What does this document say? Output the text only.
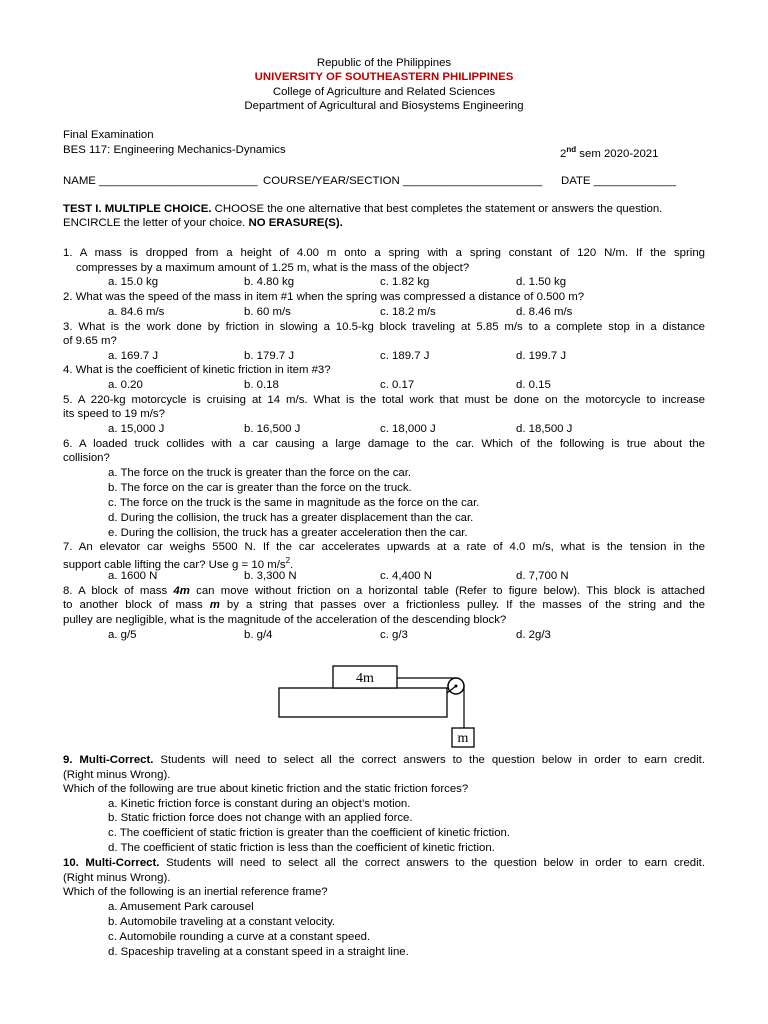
Republic of the Philippines
UNIVERSITY OF SOUTHEASTERN PHILIPPINES
College of Agriculture and Related Sciences
Department of Agricultural and Biosystems Engineering
Final Examination
BES 117: Engineering Mechanics-Dynamics	2nd sem 2020-2021
NAME _________________________ COURSE/YEAR/SECTION ______________________ DATE _____________
TEST I. MULTIPLE CHOICE. CHOOSE the one alternative that best completes the statement or answers the question.
ENCIRCLE the letter of your choice. NO ERASURE(S).
1. A mass is dropped from a height of 4.00 m onto a spring with a spring constant of 120 N/m. If the spring
compresses by a maximum amount of 1.25 m, what is the mass of the object?
a. 15.0 kg	b. 4.80 kg	c. 1.82 kg	d. 1.50 kg
2. What was the speed of the mass in item #1 when the spring was compressed a distance of 0.500 m?
a. 84.6 m/s	b. 60 m/s	c. 18.2 m/s	d. 8.46 m/s
3. What is the work done by friction in slowing a 10.5-kg block traveling at 5.85 m/s to a complete stop in a distance
of 9.65 m?
a. 169.7 J	b. 179.7 J	c. 189.7 J	d. 199.7 J
4. What is the coefficient of kinetic friction in item #3?
a. 0.20	b. 0.18	c. 0.17	d. 0.15
5. A 220-kg motorcycle is cruising at 14 m/s. What is the total work that must be done on the motorcycle to increase
its speed to 19 m/s?
a. 15,000 J	b. 16,500 J	c. 18,000 J	d. 18,500 J
6. A loaded truck collides with a car causing a large damage to the car. Which of the following is true about the
collision?
a. The force on the truck is greater than the force on the car.
b. The force on the car is greater than the force on the truck.
c. The force on the truck is the same in magnitude as the force on the car.
d. During the collision, the truck has a greater displacement than the car.
e. During the collision, the truck has a greater acceleration then the car.
7. An elevator car weighs 5500 N. If the car accelerates upwards at a rate of 4.0 m/s, what is the tension in the
support cable lifting the car? Use g = 10 $m/s^2$.
a. 1600 N	b. 3,300 N	c. 4,400 N	d. 7,700 N
8. A block of mass 4m can move without friction on a horizontal table (Refer to figure below). This block is attached
to another block of mass m by a string that passes over a frictionless pulley. If the masses of the string and the
pulley are negligible, what is the magnitude of the acceleration of the descending block?
a. g/5	b. g/4	c. g/3	d. 2g/3
4m
m
9. Multi-Correct. Students will need to select all the correct answers to the question below in order to earn credit.
(Right minus Wrong).
Which of the following are true about kinetic friction and the static friction forces?
a. Kinetic friction force is constant during an object’s motion.
b. Static friction force does not change with an applied force.
c. The coefficient of static friction is greater than the coefficient of kinetic friction.
d. The coefficient of static friction is less than the coefficient of kinetic friction.
10. Multi-Correct. Students will need to select all the correct answers to the question below in order to earn credit.
(Right minus Wrong).
Which of the following is an inertial reference frame?
a. Amusement Park carousel
b. Automobile traveling at a constant velocity.
c. Automobile rounding a curve at a constant speed.
d. Spaceship traveling at a constant speed in a straight line.
